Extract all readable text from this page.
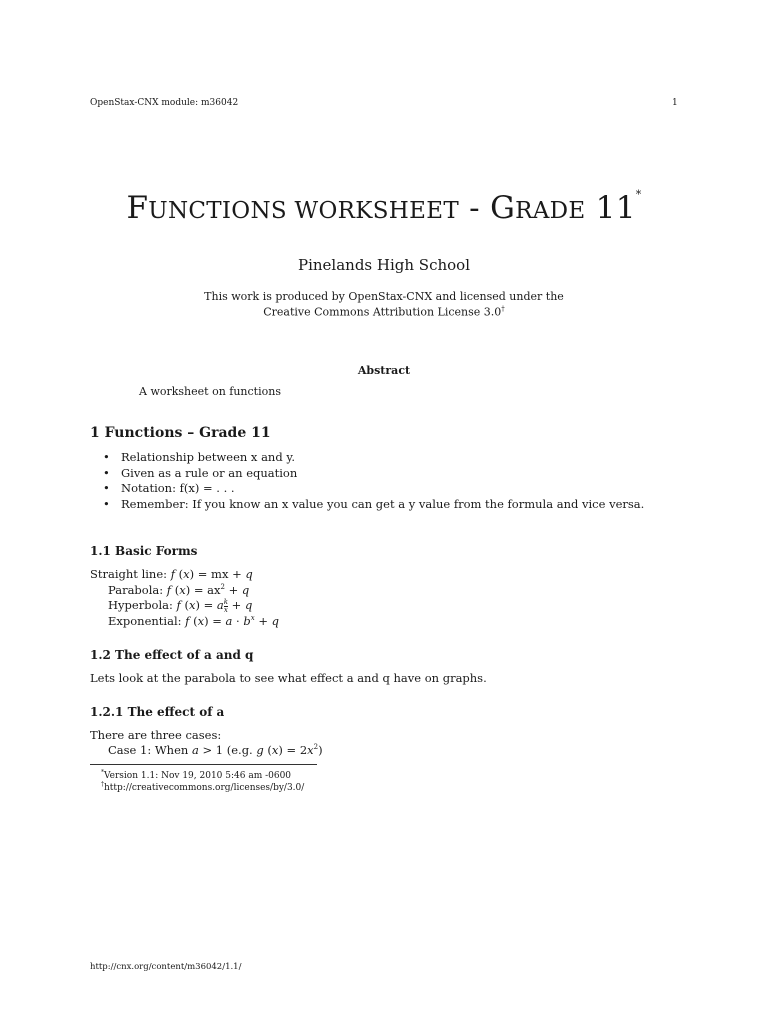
OpenStax-CNX module: m36042	1
FUNCTIONS WORKSHEET - GRADE 11*
Pinelands High School
This work is produced by OpenStax-CNX and licensed under the
Creative Commons Attribution License 3.0†
Abstract
A worksheet on functions
1 Functions – Grade 11
• Relationship between x and y.
• Given as a rule or an equation
• Notation: f(x) = . . .
• Remember: If you know an x value you can get a y value from the formula and vice versa.
1.1 Basic Forms
Straight line: f (x) = mx + q
Parabola: f $(x) = ax^2 + q$
Hyperbola: f (x) = a $\frac{k}{x} + q$
Exponential: f $(x) = a \cdot b^x + q$
1.2 The effect of a and q
Lets look at the parabola to see what effect a and q have on graphs.
1.2.1 The effect of a
There are three cases:
Case 1: When a > 1 (e.g. g $(x) = 2x^2$)
*Version 1.1: Nov 19, 2010 5:46 am -0600
†http://creativecommons.org/licenses/by/3.0/
http://cnx.org/content/m36042/1.1/
